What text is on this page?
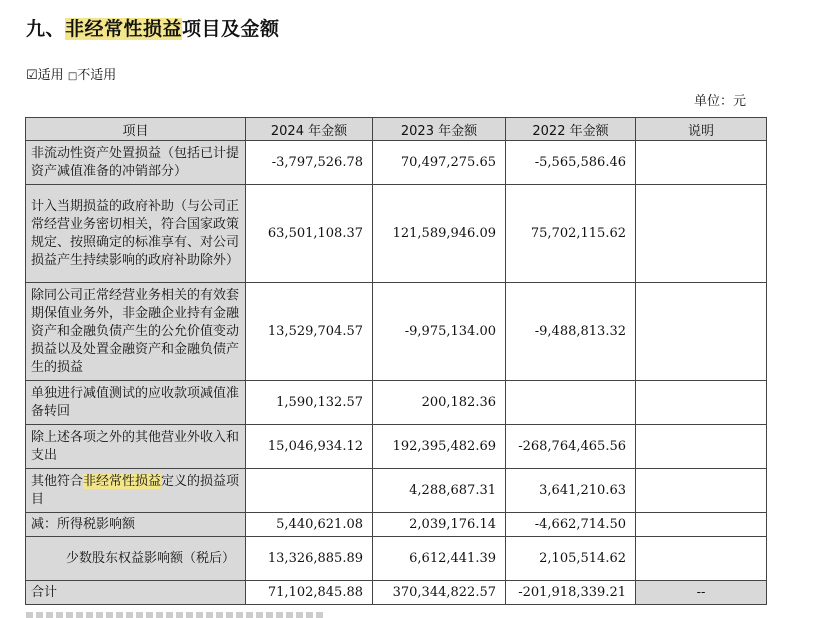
九、非经常性损益项目及金额
☑适用 □不适用
单位：元
项目	2024 年金额	2023 年金额	2022 年金额	说明
非流动性资产处置损益（包括已计提资产减值准备的冲销部分）	-3,797,526.78	70,497,275.65	-5,565,586.46	
计入当期损益的政府补助（与公司正常经营业务密切相关，符合国家政策规定、按照确定的标准享有、对公司损益产生持续影响的政府补助除外）	63,501,108.37	121,589,946.09	75,702,115.62	
除同公司正常经营业务相关的有效套期保值业务外，非金融企业持有金融资产和金融负债产生的公允价值变动损益以及处置金融资产和金融负债产生的损益	13,529,704.57	-9,975,134.00	-9,488,813.32	
单独进行减值测试的应收款项减值准备转回	1,590,132.57	200,182.36		
除上述各项之外的其他营业外收入和支出	15,046,934.12	192,395,482.69	-268,764,465.56	
其他符合非经常性损益定义的损益项目		4,288,687.31	3,641,210.63	
减：所得税影响额	5,440,621.08	2,039,176.14	-4,662,714.50	
少数股东权益影响额（税后）	13,326,885.89	6,612,441.39	2,105,514.62	
合计	71,102,845.88	370,344,822.57	-201,918,339.21	--
